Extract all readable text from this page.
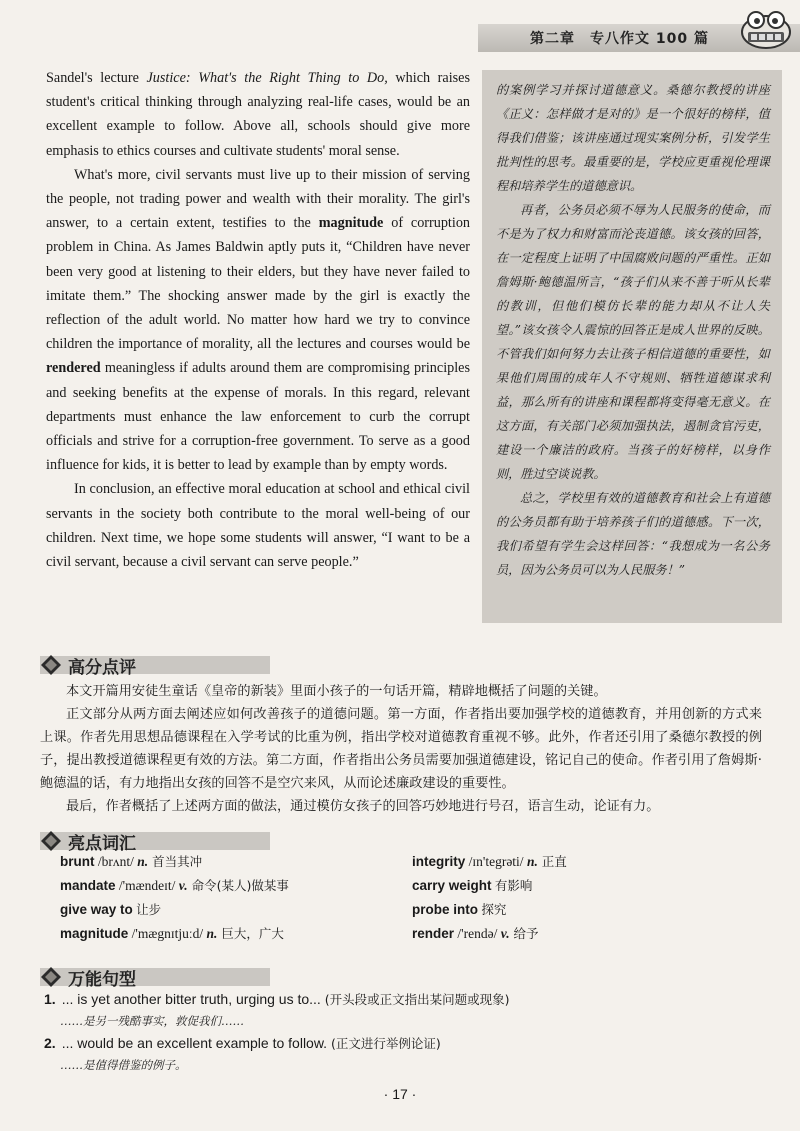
第二章　专八作文 100 篇

Sandel's lecture Justice: What's the Right Thing to Do, which raises student's critical thinking through analyzing real-life cases, would be an excellent example to follow. Above all, schools should give more emphasis to ethics courses and cultivate students' moral sense.

What's more, civil servants must live up to their mission of serving the people, not trading power and wealth with their morality. The girl's answer, to a certain extent, testifies to the magnitude of corruption problem in China. As James Baldwin aptly puts it, “Children have never been very good at listening to their elders, but they have never failed to imitate them.” The shocking answer made by the girl is exactly the reflection of the adult world. No matter how hard we try to convince children the importance of morality, all the lectures and courses would be rendered meaningless if adults around them are compromising principles and seeking benefits at the expense of morals. In this regard, relevant departments must enhance the law enforcement to curb the corrupt officials and strive for a corruption-free government. To serve as a good influence for kids, it is better to lead by example than by empty words.

In conclusion, an effective moral education at school and ethical civil servants in the society both contribute to the moral well-being of our children. Next time, we hope some students will answer, “I want to be a civil servant, because a civil servant can serve people.”

的案例学习并探讨道德意义。桑德尔教授的讲座《正义：怎样做才是对的》是一个很好的榜样，值得我们借鉴；该讲座通过现实案例分析，引发学生批判性的思考。最重要的是，学校应更重视伦理课程和培养学生的道德意识。

再者，公务员必须不辱为人民服务的使命，而不是为了权力和财富而沦丧道德。该女孩的回答，在一定程度上证明了中国腐败问题的严重性。正如詹姆斯·鲍德温所言，“孩子们从来不善于听从长辈的教训，但他们模仿长辈的能力却从不让人失望。”该女孩令人震惊的回答正是成人世界的反映。不管我们如何努力去让孩子相信道德的重要性，如果他们周围的成年人不守规则、牺牲道德谋求利益，那么所有的讲座和课程都将变得毫无意义。在这方面，有关部门必须加强执法，遏制贪官污吏，建设一个廉洁的政府。当孩子的好榜样，以身作则，胜过空谈说教。

总之，学校里有效的道德教育和社会上有道德的公务员都有助于培养孩子们的道德感。下一次，我们希望有学生会这样回答：“我想成为一名公务员，因为公务员可以为人民服务！”

高分点评

本文开篇用安徒生童话《皇帝的新装》里面小孩子的一句话开篇，精辟地概括了问题的关键。

正文部分从两方面去阐述应如何改善孩子的道德问题。第一方面，作者指出要加强学校的道德教育，并用创新的方式来上课。作者先用思想品德课程在入学考试的比重为例，指出学校对道德教育重视不够。此外，作者还引用了桑德尔教授的例子，提出教授道德课程更有效的方法。第二方面，作者指出公务员需要加强道德建设，铭记自己的使命。作者引用了詹姆斯·鲍德温的话，有力地指出女孩的回答不是空穴来风，从而论述廉政建设的重要性。

最后，作者概括了上述两方面的做法，通过模仿女孩子的回答巧妙地进行号召，语言生动，论证有力。

亮点词汇
brunt /brʌnt/ n. 首当其冲	integrity /ɪn'tegrəti/ n. 正直
mandate /'mændeɪt/ v. 命令(某人)做某事	carry weight 有影响
give way to 让步	probe into 探究
magnitude /'mægnɪtjuːd/ n. 巨大，广大	render /'rendə/ v. 给予
万能句型
1. ... is yet another bitter truth, urging us to... (开头段或正文指出某问题或现象)
……是另一残酷事实，敦促我们……
2. ... would be an excellent example to follow. (正文进行举例论证)
……是值得借鉴的例子。
· 17 ·
